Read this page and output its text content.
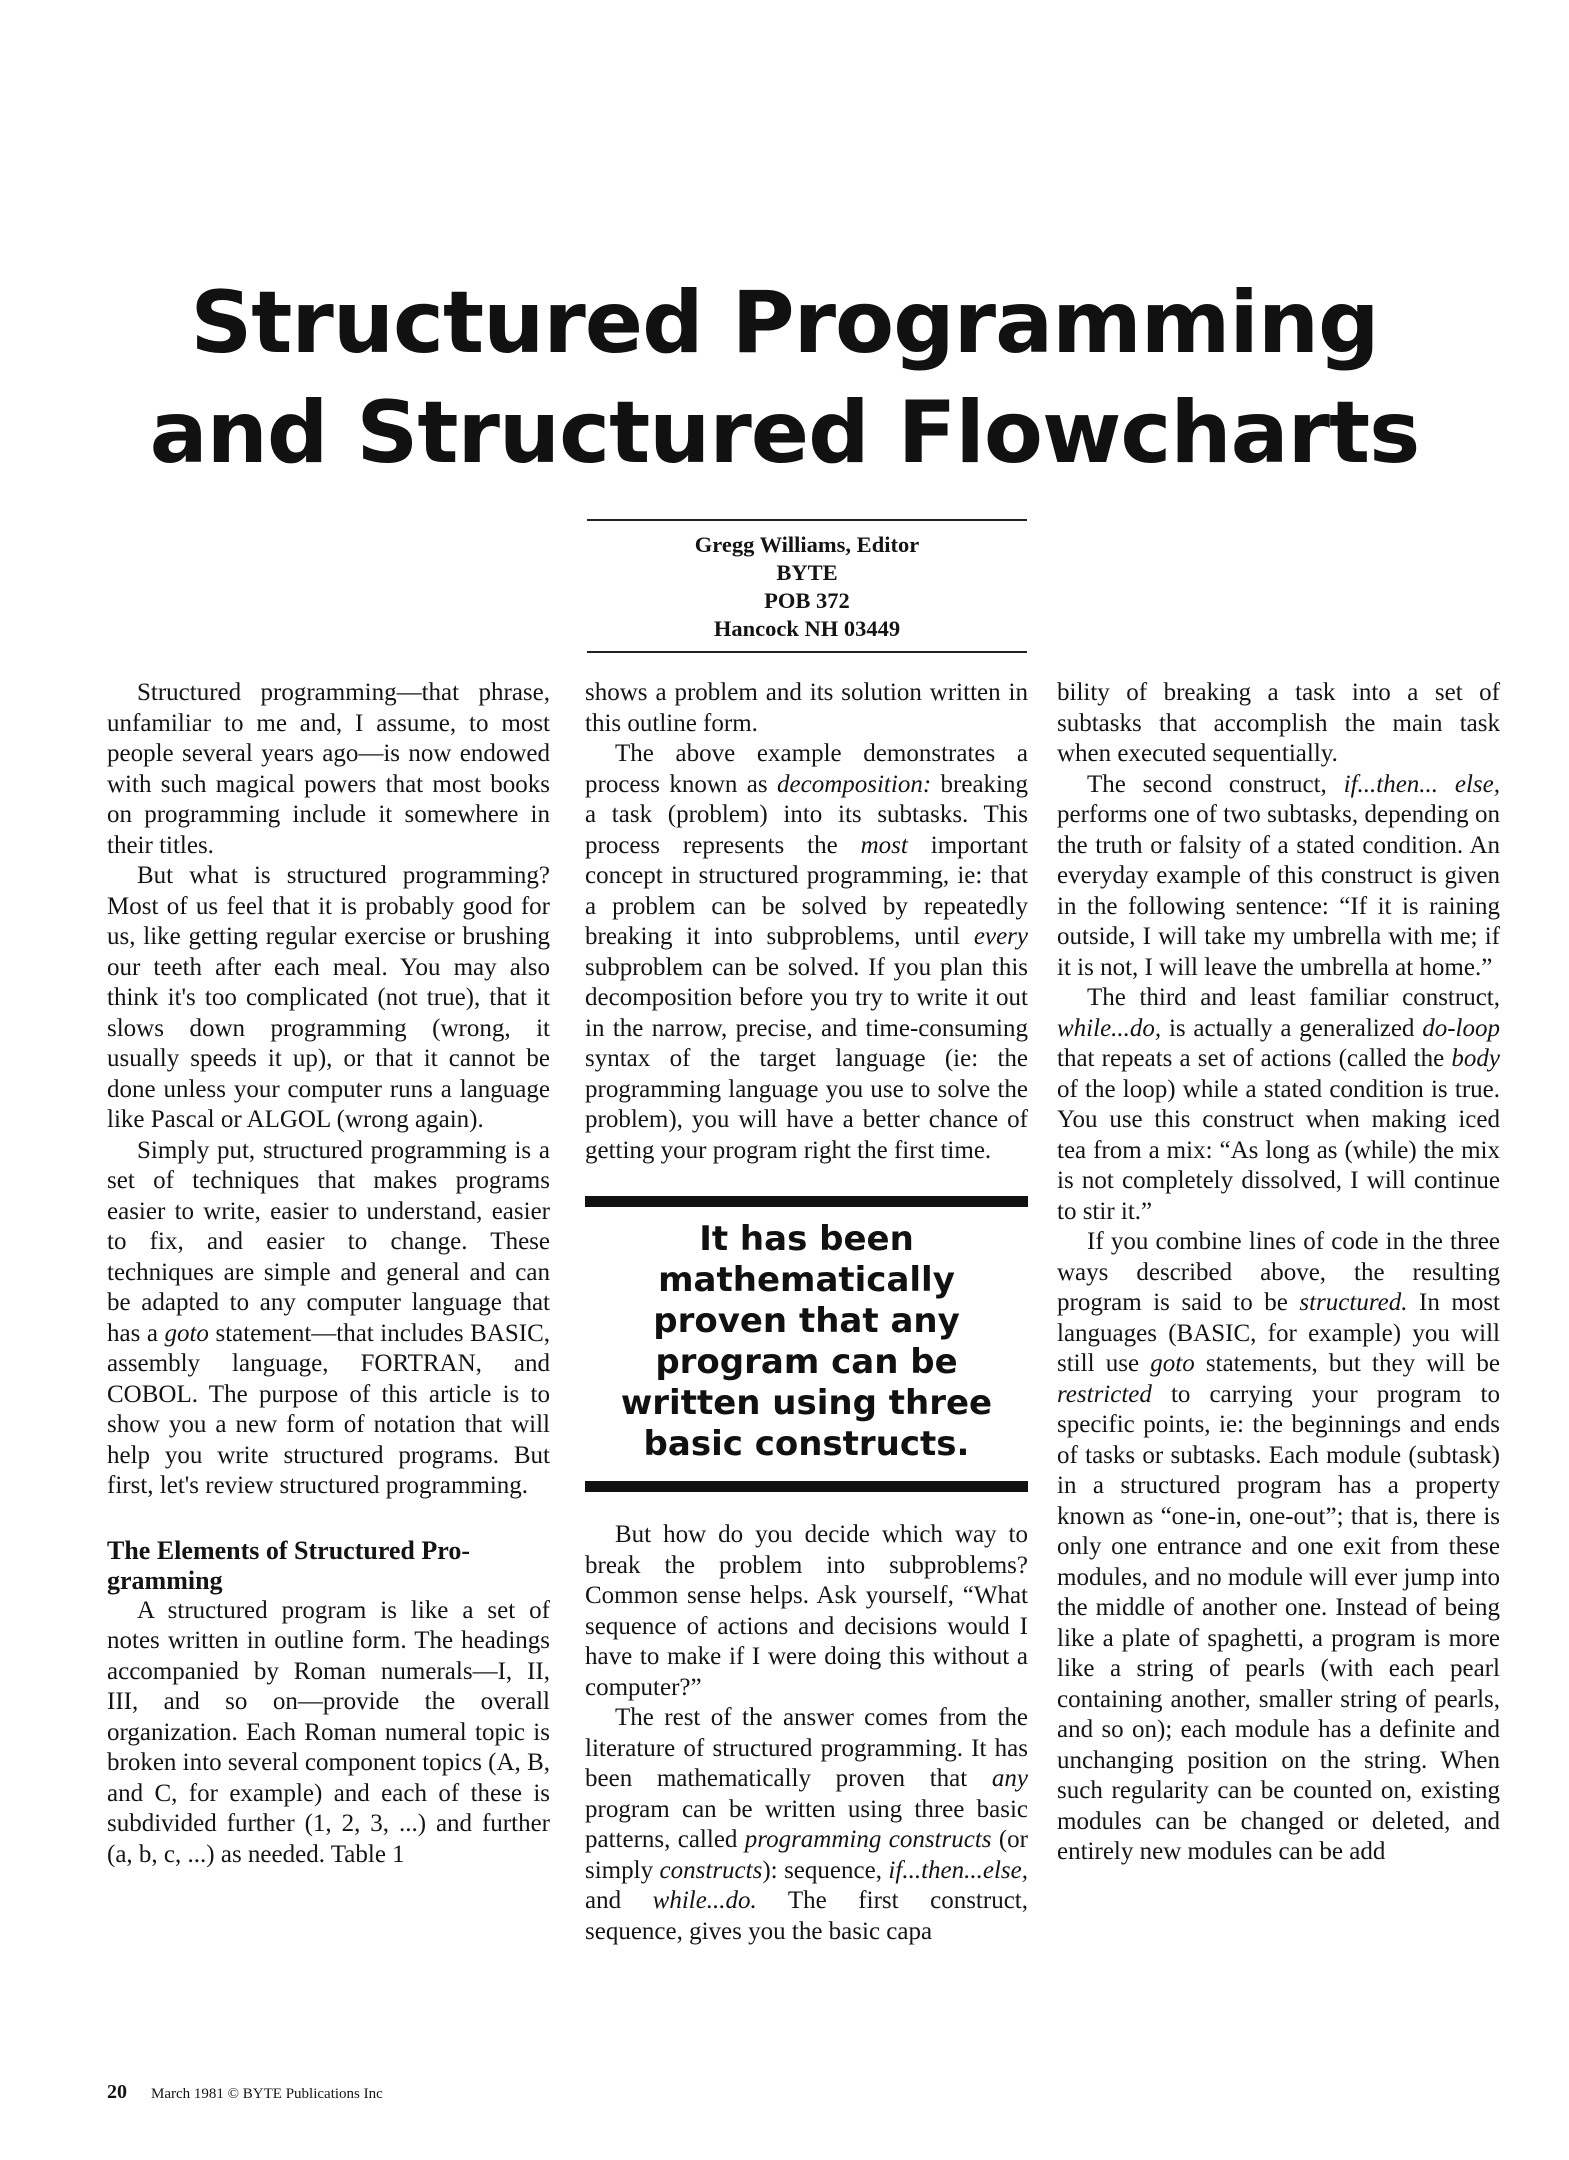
Structured Programming
and Structured Flowcharts
Gregg Williams, Editor
BYTE
POB 372
Hancock NH 03449

Structured programming—that phrase, unfamiliar to me and, I assume, to most people several years ago—is now endowed with such magical powers that most books on programming include it somewhere in their titles.

But what is structured programming? Most of us feel that it is probably good for us, like getting regular exercise or brushing our teeth after each meal. You may also think it's too complicated (not true), that it slows down programming (wrong, it usually speeds it up), or that it cannot be done unless your computer runs a language like Pascal or ALGOL (wrong again).

Simply put, structured programming is a set of techniques that makes programs easier to write, easier to understand, easier to fix, and easier to change. These techniques are simple and general and can be adapted to any computer language that has a goto statement—that includes BASIC, assembly language, FORTRAN, and COBOL. The purpose of this article is to show you a new form of notation that will help you write structured programs. But first, let's review structured programming.

The Elements of Structured Programming

A structured program is like a set of notes written in outline form. The headings accompanied by Roman numerals—I, II, III, and so on—provide the overall organization. Each Roman numeral topic is broken into several component topics (A, B, and C, for example) and each of these is subdivided further (1, 2, 3, ...) and further (a, b, c, ...) as needed. Table 1

shows a problem and its solution written in this outline form.

The above example demonstrates a process known as decomposition: breaking a task (problem) into its subtasks. This process represents the most important concept in structured programming, ie: that a problem can be solved by repeatedly breaking it into subproblems, until every subproblem can be solved. If you plan this decomposition before you try to write it out in the narrow, precise, and time-consuming syntax of the target language (ie: the programming language you use to solve the problem), you will have a better chance of getting your program right the first time.

It has been mathematically proven that any program can be written using three basic constructs.

But how do you decide which way to break the problem into subproblems? Common sense helps. Ask yourself, “What sequence of actions and decisions would I have to make if I were doing this without a computer?”

The rest of the answer comes from the literature of structured programming. It has been mathematically proven that any program can be written using three basic patterns, called programming constructs (or simply constructs): sequence, if...then...else, and while...do. The first construct, sequence, gives you the basic capa

bility of breaking a task into a set of subtasks that accomplish the main task when executed sequentially.

The second construct, if...then... else, performs one of two subtasks, depending on the truth or falsity of a stated condition. An everyday example of this construct is given in the following sentence: “If it is raining outside, I will take my umbrella with me; if it is not, I will leave the umbrella at home.”

The third and least familiar construct, while...do, is actually a generalized do-loop that repeats a set of actions (called the body of the loop) while a stated condition is true. You use this construct when making iced tea from a mix: “As long as (while) the mix is not completely dissolved, I will continue to stir it.”

If you combine lines of code in the three ways described above, the resulting program is said to be structured. In most languages (BASIC, for example) you will still use goto statements, but they will be restricted to carrying your program to specific points, ie: the beginnings and ends of tasks or subtasks. Each module (subtask) in a structured program has a property known as “one-in, one-out”; that is, there is only one entrance and one exit from these modules, and no module will ever jump into the middle of another one. Instead of being like a plate of spaghetti, a program is more like a string of pearls (with each pearl containing another, smaller string of pearls, and so on); each module has a definite and unchanging position on the string. When such regularity can be counted on, existing modules can be changed or deleted, and entirely new modules can be add

20 March 1981 © BYTE Publications Inc
